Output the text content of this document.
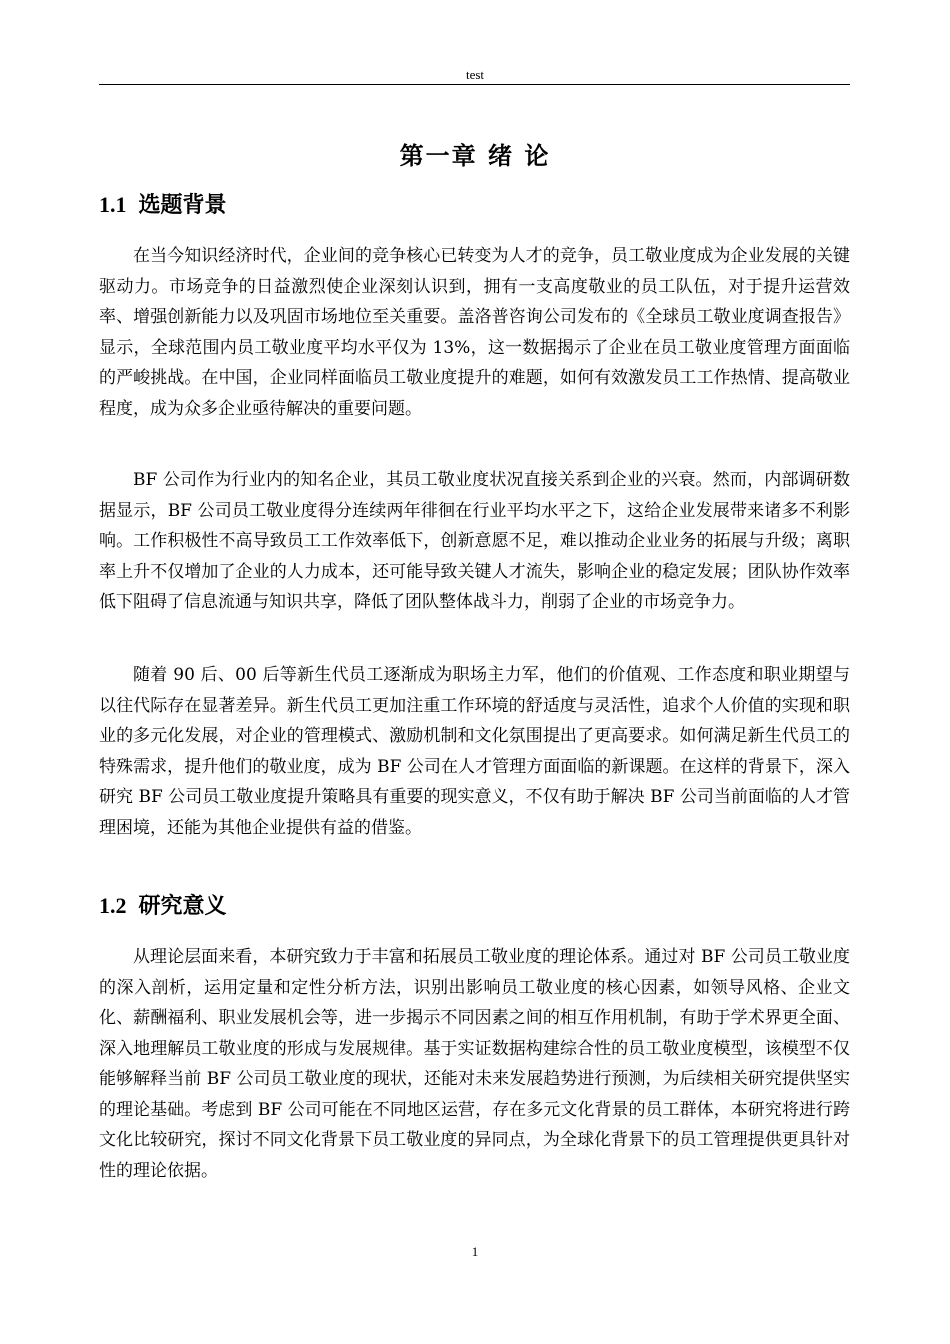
test
第一章 绪 论
1.1 选题背景

在当今知识经济时代，企业间的竞争核心已转变为人才的竞争，员工敬业度成为企业发展的关键驱动力。市场竞争的日益激烈使企业深刻认识到，拥有一支高度敬业的员工队伍，对于提升运营效率、增强创新能力以及巩固市场地位至关重要。盖洛普咨询公司发布的《全球员工敬业度调查报告》显示，全球范围内员工敬业度平均水平仅为 13%，这一数据揭示了企业在员工敬业度管理方面面临的严峻挑战。在中国，企业同样面临员工敬业度提升的难题，如何有效激发员工工作热情、提高敬业程度，成为众多企业亟待解决的重要问题。

BF 公司作为行业内的知名企业，其员工敬业度状况直接关系到企业的兴衰。然而，内部调研数据显示，BF 公司员工敬业度得分连续两年徘徊在行业平均水平之下，这给企业发展带来诸多不利影响。工作积极性不高导致员工工作效率低下，创新意愿不足，难以推动企业业务的拓展与升级；离职率上升不仅增加了企业的人力成本，还可能导致关键人才流失，影响企业的稳定发展；团队协作效率低下阻碍了信息流通与知识共享，降低了团队整体战斗力，削弱了企业的市场竞争力。

随着 90 后、00 后等新生代员工逐渐成为职场主力军，他们的价值观、工作态度和职业期望与以往代际存在显著差异。新生代员工更加注重工作环境的舒适度与灵活性，追求个人价值的实现和职业的多元化发展，对企业的管理模式、激励机制和文化氛围提出了更高要求。如何满足新生代员工的特殊需求，提升他们的敬业度，成为 BF 公司在人才管理方面面临的新课题。在这样的背景下，深入研究 BF 公司员工敬业度提升策略具有重要的现实意义，不仅有助于解决 BF 公司当前面临的人才管理困境，还能为其他企业提供有益的借鉴。

1.2 研究意义

从理论层面来看，本研究致力于丰富和拓展员工敬业度的理论体系。通过对 BF 公司员工敬业度的深入剖析，运用定量和定性分析方法，识别出影响员工敬业度的核心因素，如领导风格、企业文化、薪酬福利、职业发展机会等，进一步揭示不同因素之间的相互作用机制，有助于学术界更全面、深入地理解员工敬业度的形成与发展规律。基于实证数据构建综合性的员工敬业度模型，该模型不仅能够解释当前 BF 公司员工敬业度的现状，还能对未来发展趋势进行预测，为后续相关研究提供坚实的理论基础。考虑到 BF 公司可能在不同地区运营，存在多元文化背景的员工群体，本研究将进行跨文化比较研究，探讨不同文化背景下员工敬业度的异同点，为全球化背景下的员工管理提供更具针对性的理论依据。

1
